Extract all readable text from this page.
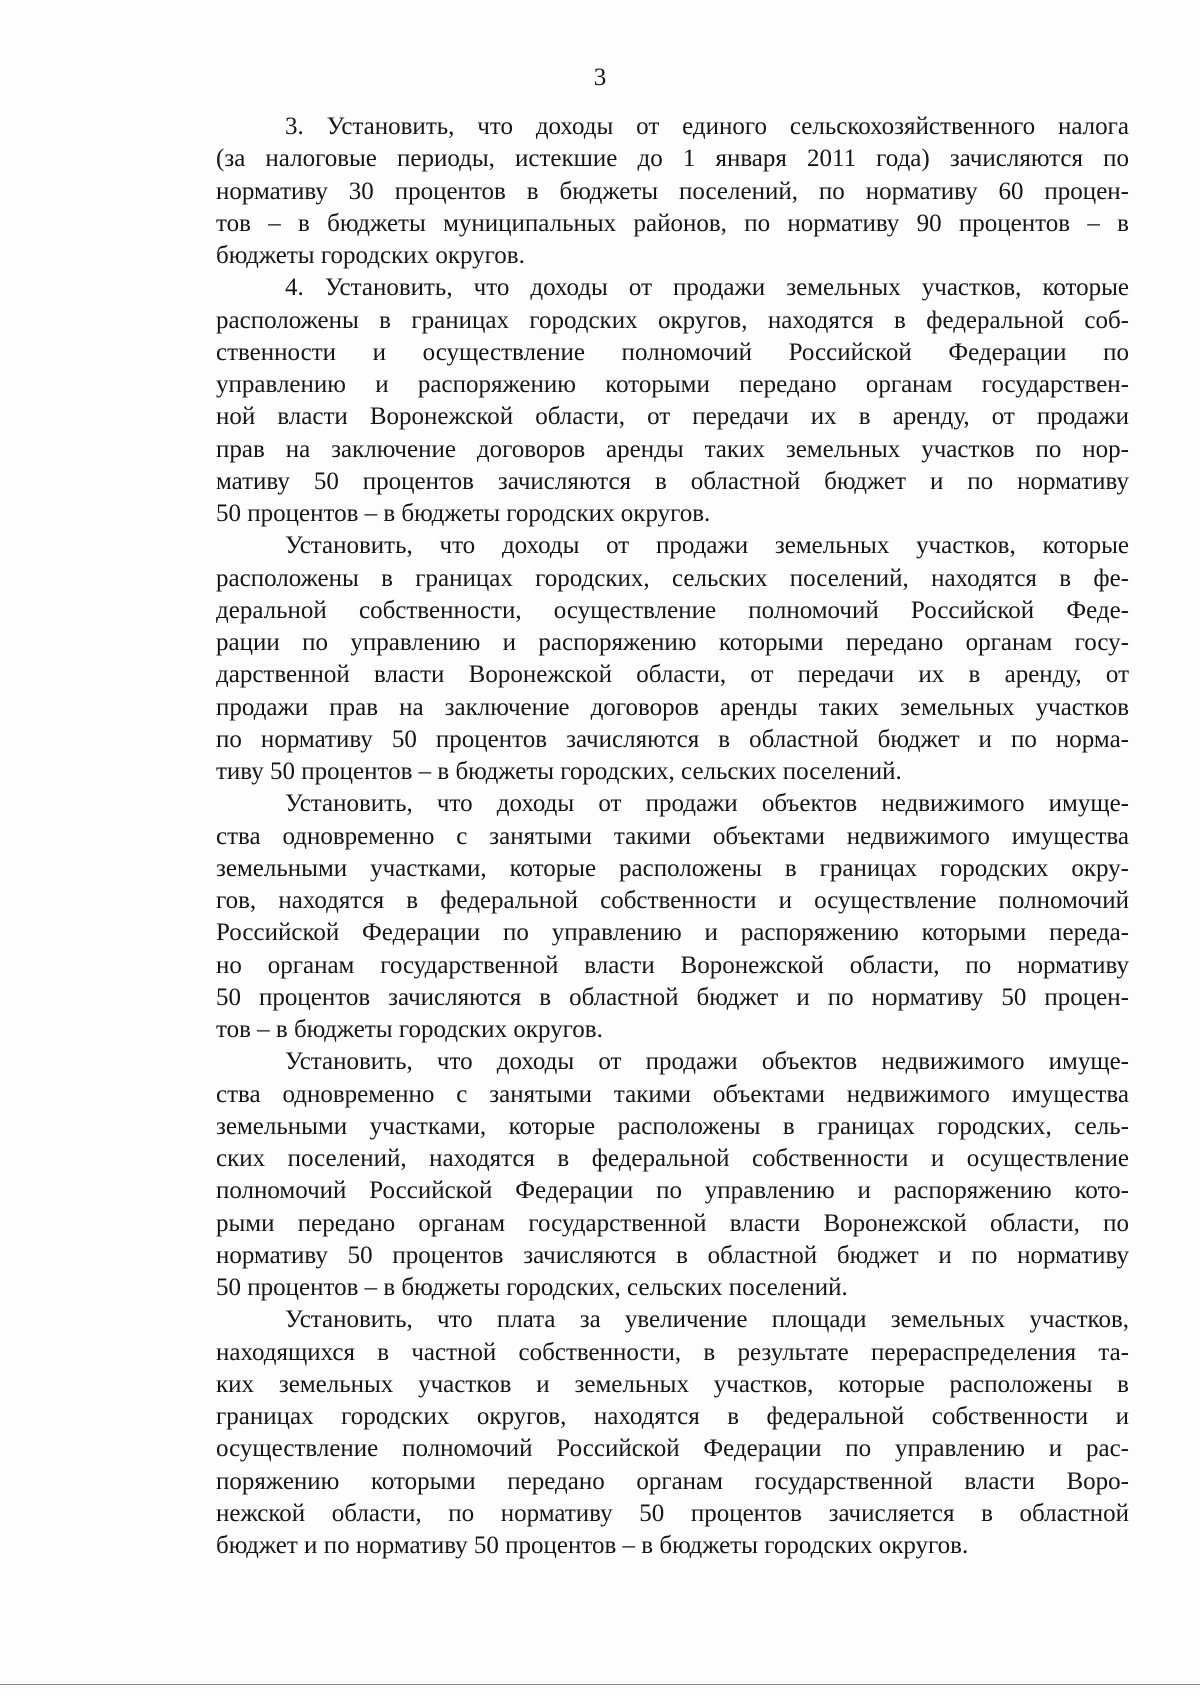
3
3. Установить, что доходы от единого сельскохозяйственного налога
(за налоговые периоды, истекшие до 1 января 2011 года) зачисляются по
нормативу 30 процентов в бюджеты поселений, по нормативу 60 процен-
тов – в бюджеты муниципальных районов, по нормативу 90 процентов – в
бюджеты городских округов.
4. Установить, что доходы от продажи земельных участков, которые
расположены в границах городских округов, находятся в федеральной соб-
ственности и осуществление полномочий Российской Федерации по
управлению и распоряжению которыми передано органам государствен-
ной власти Воронежской области, от передачи их в аренду, от продажи
прав на заключение договоров аренды таких земельных участков по нор-
мативу 50 процентов зачисляются в областной бюджет и по нормативу
50 процентов – в бюджеты городских округов.
Установить, что доходы от продажи земельных участков, которые
расположены в границах городских, сельских поселений, находятся в фе-
деральной собственности, осуществление полномочий Российской Феде-
рации по управлению и распоряжению которыми передано органам госу-
дарственной власти Воронежской области, от передачи их в аренду, от
продажи прав на заключение договоров аренды таких земельных участков
по нормативу 50 процентов зачисляются в областной бюджет и по норма-
тиву 50 процентов – в бюджеты городских, сельских поселений.
Установить, что доходы от продажи объектов недвижимого имуще-
ства одновременно с занятыми такими объектами недвижимого имущества
земельными участками, которые расположены в границах городских окру-
гов, находятся в федеральной собственности и осуществление полномочий
Российской Федерации по управлению и распоряжению которыми переда-
но органам государственной власти Воронежской области, по нормативу
50 процентов зачисляются в областной бюджет и по нормативу 50 процен-
тов – в бюджеты городских округов.
Установить, что доходы от продажи объектов недвижимого имуще-
ства одновременно с занятыми такими объектами недвижимого имущества
земельными участками, которые расположены в границах городских, сель-
ских поселений, находятся в федеральной собственности и осуществление
полномочий Российской Федерации по управлению и распоряжению кото-
рыми передано органам государственной власти Воронежской области, по
нормативу 50 процентов зачисляются в областной бюджет и по нормативу
50 процентов – в бюджеты городских, сельских поселений.
Установить, что плата за увеличение площади земельных участков,
находящихся в частной собственности, в результате перераспределения та-
ких земельных участков и земельных участков, которые расположены в
границах городских округов, находятся в федеральной собственности и
осуществление полномочий Российской Федерации по управлению и рас-
поряжению которыми передано органам государственной власти Воро-
нежской области, по нормативу 50 процентов зачисляется в областной
бюджет и по нормативу 50 процентов – в бюджеты городских округов.
